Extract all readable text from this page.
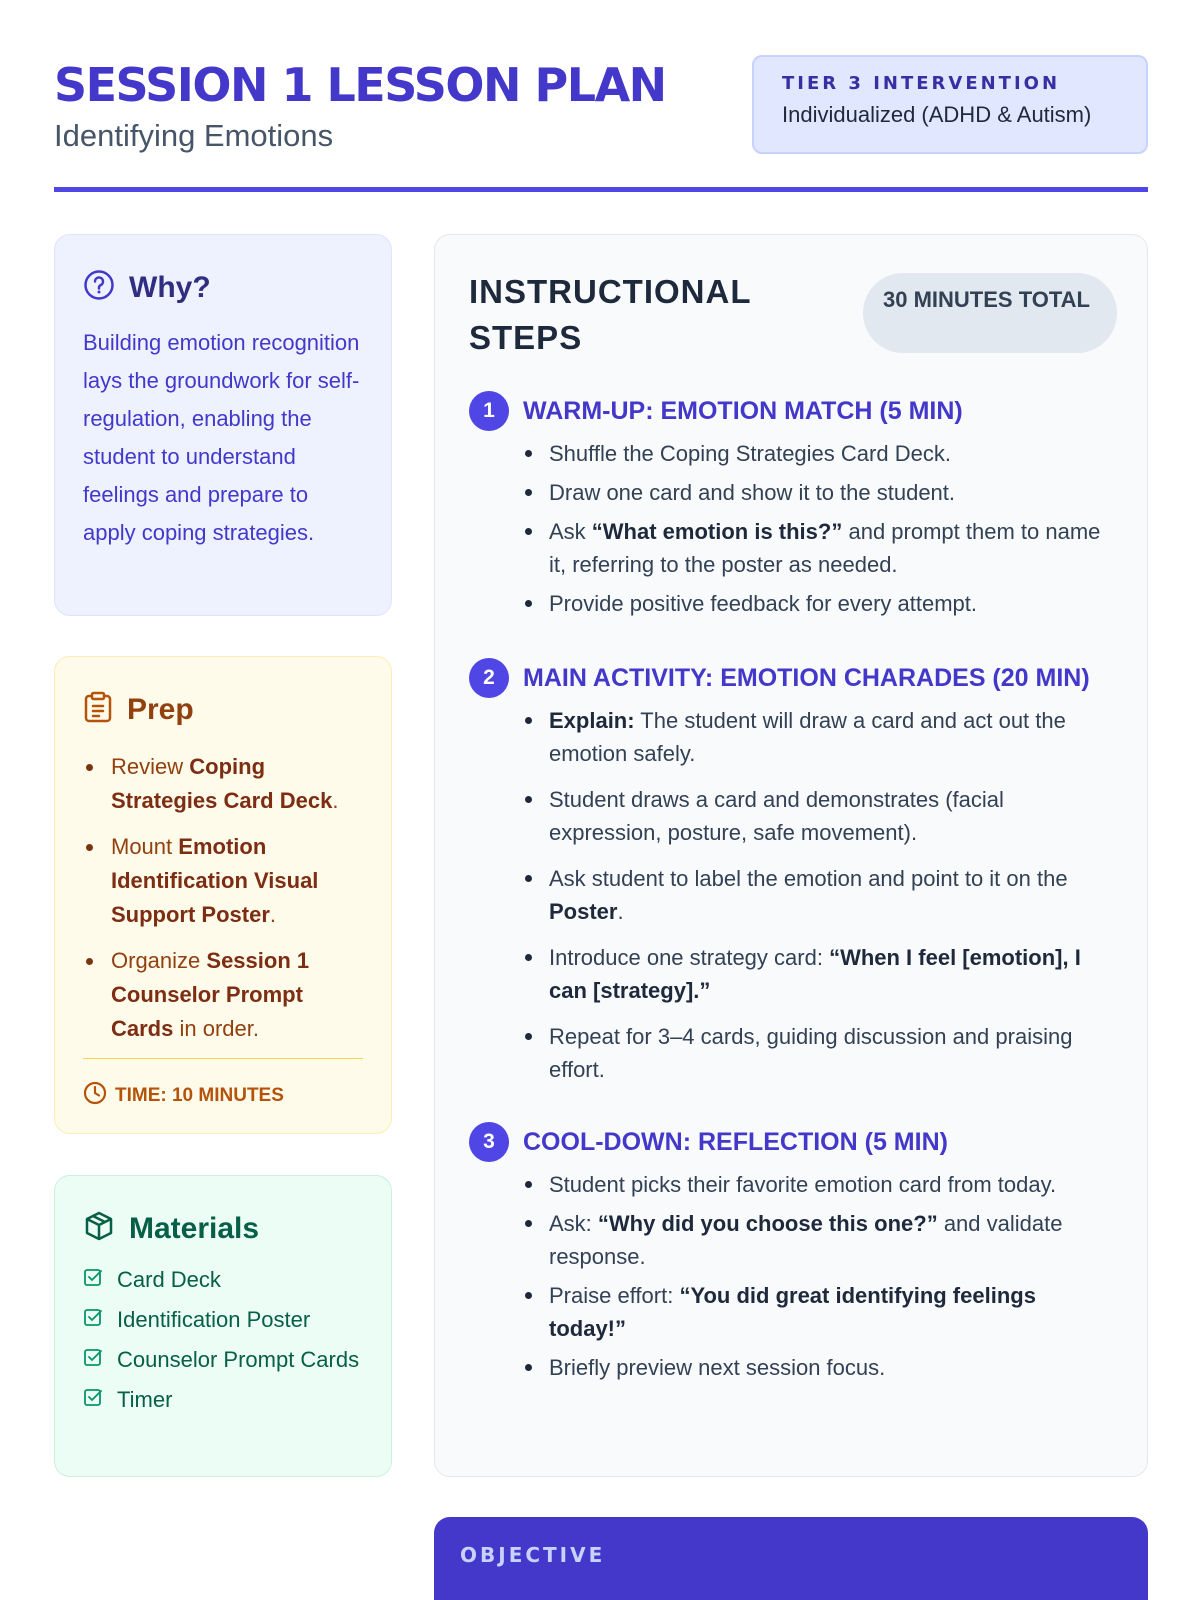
SESSION 1 LESSON PLAN
Identifying Emotions
TIER 3 INTERVENTION
Individualized (ADHD & Autism)
Why?
Building emotion recognition lays the groundwork for self-regulation, enabling the student to understand feelings and prepare to apply coping strategies.
Prep
Review Coping Strategies Card Deck.
Mount Emotion Identification Visual Support Poster.
Organize Session 1 Counselor Prompt Cards in order.
TIME: 10 MINUTES
Materials
Card Deck
Identification Poster
Counselor Prompt Cards
Timer
INSTRUCTIONAL STEPS
30 MINUTES TOTAL
1	WARM-UP: EMOTION MATCH (5 MIN)
Shuffle the Coping Strategies Card Deck.
Draw one card and show it to the student.
Ask “What emotion is this?” and prompt them to name it, referring to the poster as needed.
Provide positive feedback for every attempt.
2	MAIN ACTIVITY: EMOTION CHARADES (20 MIN)
Explain: The student will draw a card and act out the emotion safely.
Student draws a card and demonstrates (facial expression, posture, safe movement).
Ask student to label the emotion and point to it on the Poster.
Introduce one strategy card: “When I feel [emotion], I can [strategy].”
Repeat for 3–4 cards, guiding discussion and praising effort.
3	COOL-DOWN: REFLECTION (5 MIN)
Student picks their favorite emotion card from today.
Ask: “Why did you choose this one?” and validate response.
Praise effort: “You did great identifying feelings today!”
Briefly preview next session focus.
OBJECTIVE
